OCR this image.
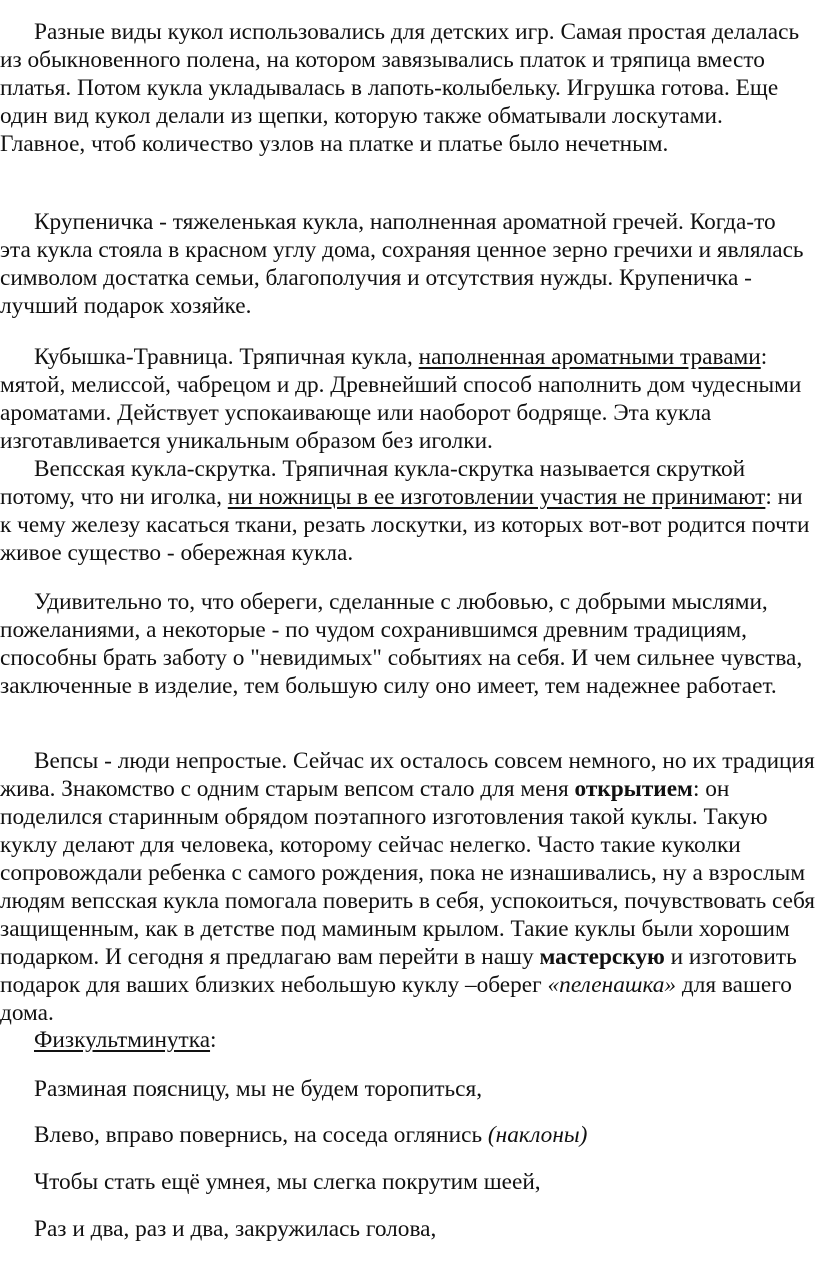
Разные виды кукол использовались для детских игр. Самая простая делалась из обыкновенного полена, на котором завязывались платок и тряпица вместо платья. Потом кукла укладывалась в лапоть-колыбельку. Игрушка готова. Еще один вид кукол делали из щепки, которую также обматывали лоскутами. Главное, чтоб количество узлов на платке и платье было нечетным.

Крупеничка - тяжеленькая кукла, наполненная ароматной гречей. Когда-то эта кукла стояла в красном углу дома, сохраняя ценное зерно гречихи и являлась символом достатка семьи, благополучия и отсутствия нужды. Крупеничка - лучший подарок хозяйке.

Кубышка-Травница. Тряпичная кукла, наполненная ароматными травами: мятой, мелиссой, чабрецом и др. Древнейший способ наполнить дом чудесными ароматами. Действует успокаивающе или наоборот бодряще. Эта кукла изготавливается уникальным образом без иголки.

Вепсская кукла-скрутка. Тряпичная кукла-скрутка называется скруткой потому, что ни иголка, ни ножницы в ее изготовлении участия не принимают: ни к чему железу касаться ткани, резать лоскутки, из которых вот-вот родится почти живое существо - обережная кукла.

Удивительно то, что обереги, сделанные с любовью, с добрыми мыслями, пожеланиями, а некоторые - по чудом сохранившимся древним традициям, способны брать заботу о "невидимых" событиях на себя. И чем сильнее чувства, заключенные в изделие, тем большую силу оно имеет, тем надежнее работает.

Вепсы - люди непростые. Сейчас их осталось совсем немного, но их традиция жива. Знакомство с одним старым вепсом стало для меня открытием: он поделился старинным обрядом поэтапного изготовления такой куклы. Такую куклу делают для человека, которому сейчас нелегко. Часто такие куколки сопровождали ребенка с самого рождения, пока не изнашивались, ну а взрослым людям вепсская кукла помогала поверить в себя, успокоиться, почувствовать себя защищенным, как в детстве под маминым крылом. Такие куклы были хорошим подарком. И сегодня я предлагаю вам перейти в нашу мастерскую и изготовить подарок для ваших близких небольшую куклу –оберег «пеленашка» для вашего дома.

Физкультминутка:
Разминая поясницу, мы не будем торопиться,
Влево, вправо повернись, на соседа оглянись (наклоны)
Чтобы стать ещё умнея, мы слегка покрутим шеей,
Раз и два, раз и два, закружилась голова,
